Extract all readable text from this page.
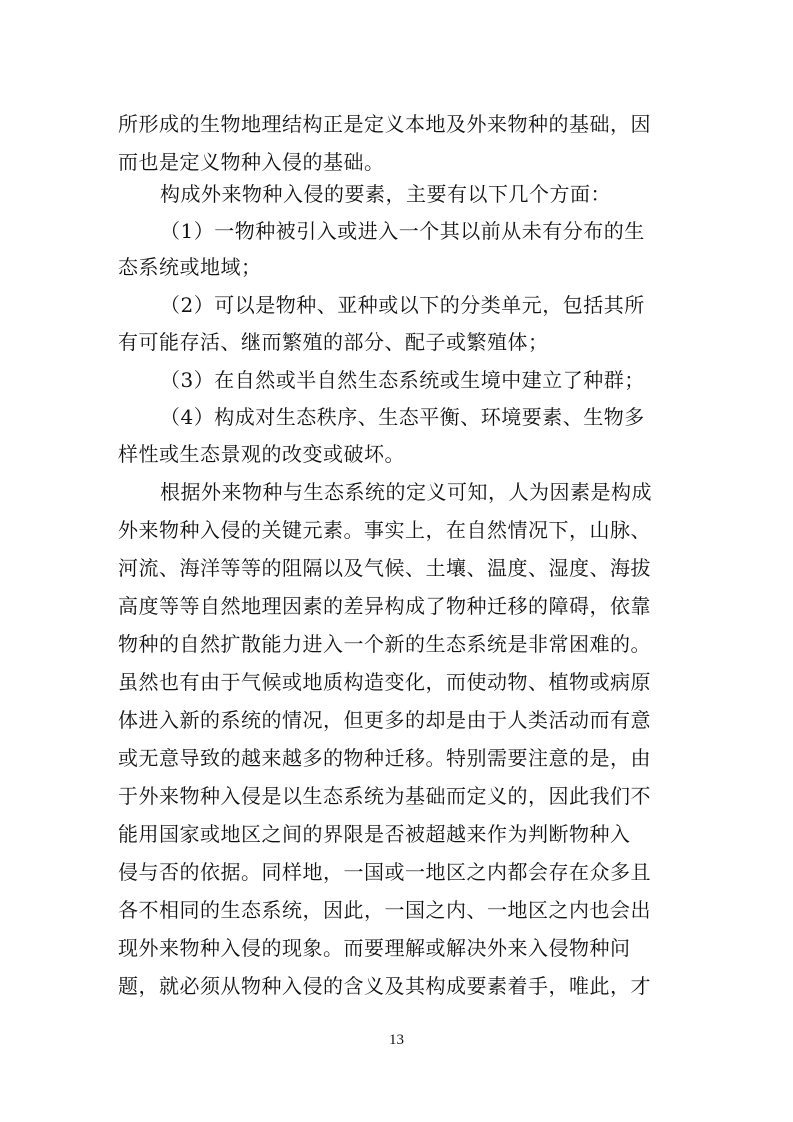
所形成的生物地理结构正是定义本地及外来物种的基础，因
而也是定义物种入侵的基础。
构成外来物种入侵的要素，主要有以下几个方面：
（1）一物种被引入或进入一个其以前从未有分布的生
态系统或地域；
（2）可以是物种、亚种或以下的分类单元，包括其所
有可能存活、继而繁殖的部分、配子或繁殖体；
（3）在自然或半自然生态系统或生境中建立了种群；
（4）构成对生态秩序、生态平衡、环境要素、生物多
样性或生态景观的改变或破坏。
根据外来物种与生态系统的定义可知，人为因素是构成
外来物种入侵的关键元素。事实上，在自然情况下，山脉、
河流、海洋等等的阻隔以及气候、土壤、温度、湿度、海拔
高度等等自然地理因素的差异构成了物种迁移的障碍，依靠
物种的自然扩散能力进入一个新的生态系统是非常困难的。
虽然也有由于气候或地质构造变化，而使动物、植物或病原
体进入新的系统的情况，但更多的却是由于人类活动而有意
或无意导致的越来越多的物种迁移。特别需要注意的是，由
于外来物种入侵是以生态系统为基础而定义的，因此我们不
能用国家或地区之间的界限是否被超越来作为判断物种入
侵与否的依据。同样地，一国或一地区之内都会存在众多且
各不相同的生态系统，因此，一国之内、一地区之内也会出
现外来物种入侵的现象。而要理解或解决外来入侵物种问
题，就必须从物种入侵的含义及其构成要素着手，唯此，才
13
